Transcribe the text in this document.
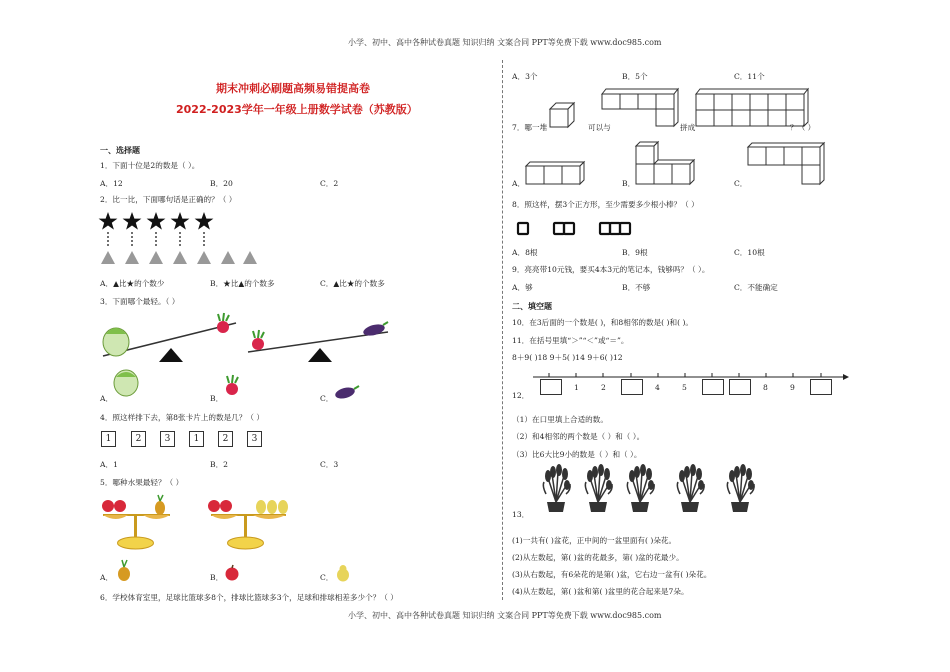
小学、初中、高中各种试卷真题 知识归纳 文案合同 PPT等免费下载 www.doc985.com
小学、初中、高中各种试卷真题 知识归纳 文案合同 PPT等免费下载 www.doc985.com
期末冲刺必刷题高频易错提高卷
2022-2023学年一年级上册数学试卷（苏教版）
一、选择题
1．下面十位是2的数是（ ）。
A．12	B．20	C．2
2．比一比，下面哪句话是正确的？（ ）
A．▲比★的个数少	B．★比▲的个数多	C．▲比★的个数多
3．下面哪个最轻。（ ）
A．	B．	C．
4．照这样排下去，第8张卡片上的数是几？（ ）
1	2	3	1	2	3
A．1	B．2	C．3
5．哪种水果最轻？（ ）
A．	B．	C．
6．学校体育室里，足球比篮球多8个，排球比篮球多3个，足球和排球相差多少个？（ ）
A．3个	B．5个	C．11个
7．哪一堆	可以与	拼成	？（ ）
A．	B．	C．
8．照这样，摆3个正方形，至少需要多少根小棒？（ ）
A．8根	B．9根	C．10根
9．亮亮带10元钱，要买4本3元的笔记本，钱够吗？（ ）。
A．够	B．不够	C．不能确定
二、填空题
10．在3后面的一个数是( )，和8相邻的数是( )和( )。
11．在括号里填“＞”“＜”或“＝”。
8＋9( )18 9＋5( )14 9＋6( )12
12．
1	2	4	5	8	9
（1）在口里填上合适的数。
（2）和4相邻的两个数是（ ）和（ ）。
（3）比6大比9小的数是（ ）和（ ）。
13．
(1)一共有( )盆花，正中间的一盆里面有( )朵花。
(2)从左数起，第( )盆的花最多，第( )盆的花最少。
(3)从右数起，有6朵花的是第( )盆，它右边一盆有( )朵花。
(4)从左数起，第( )盆和第( )盆里的花合起来是7朵。
